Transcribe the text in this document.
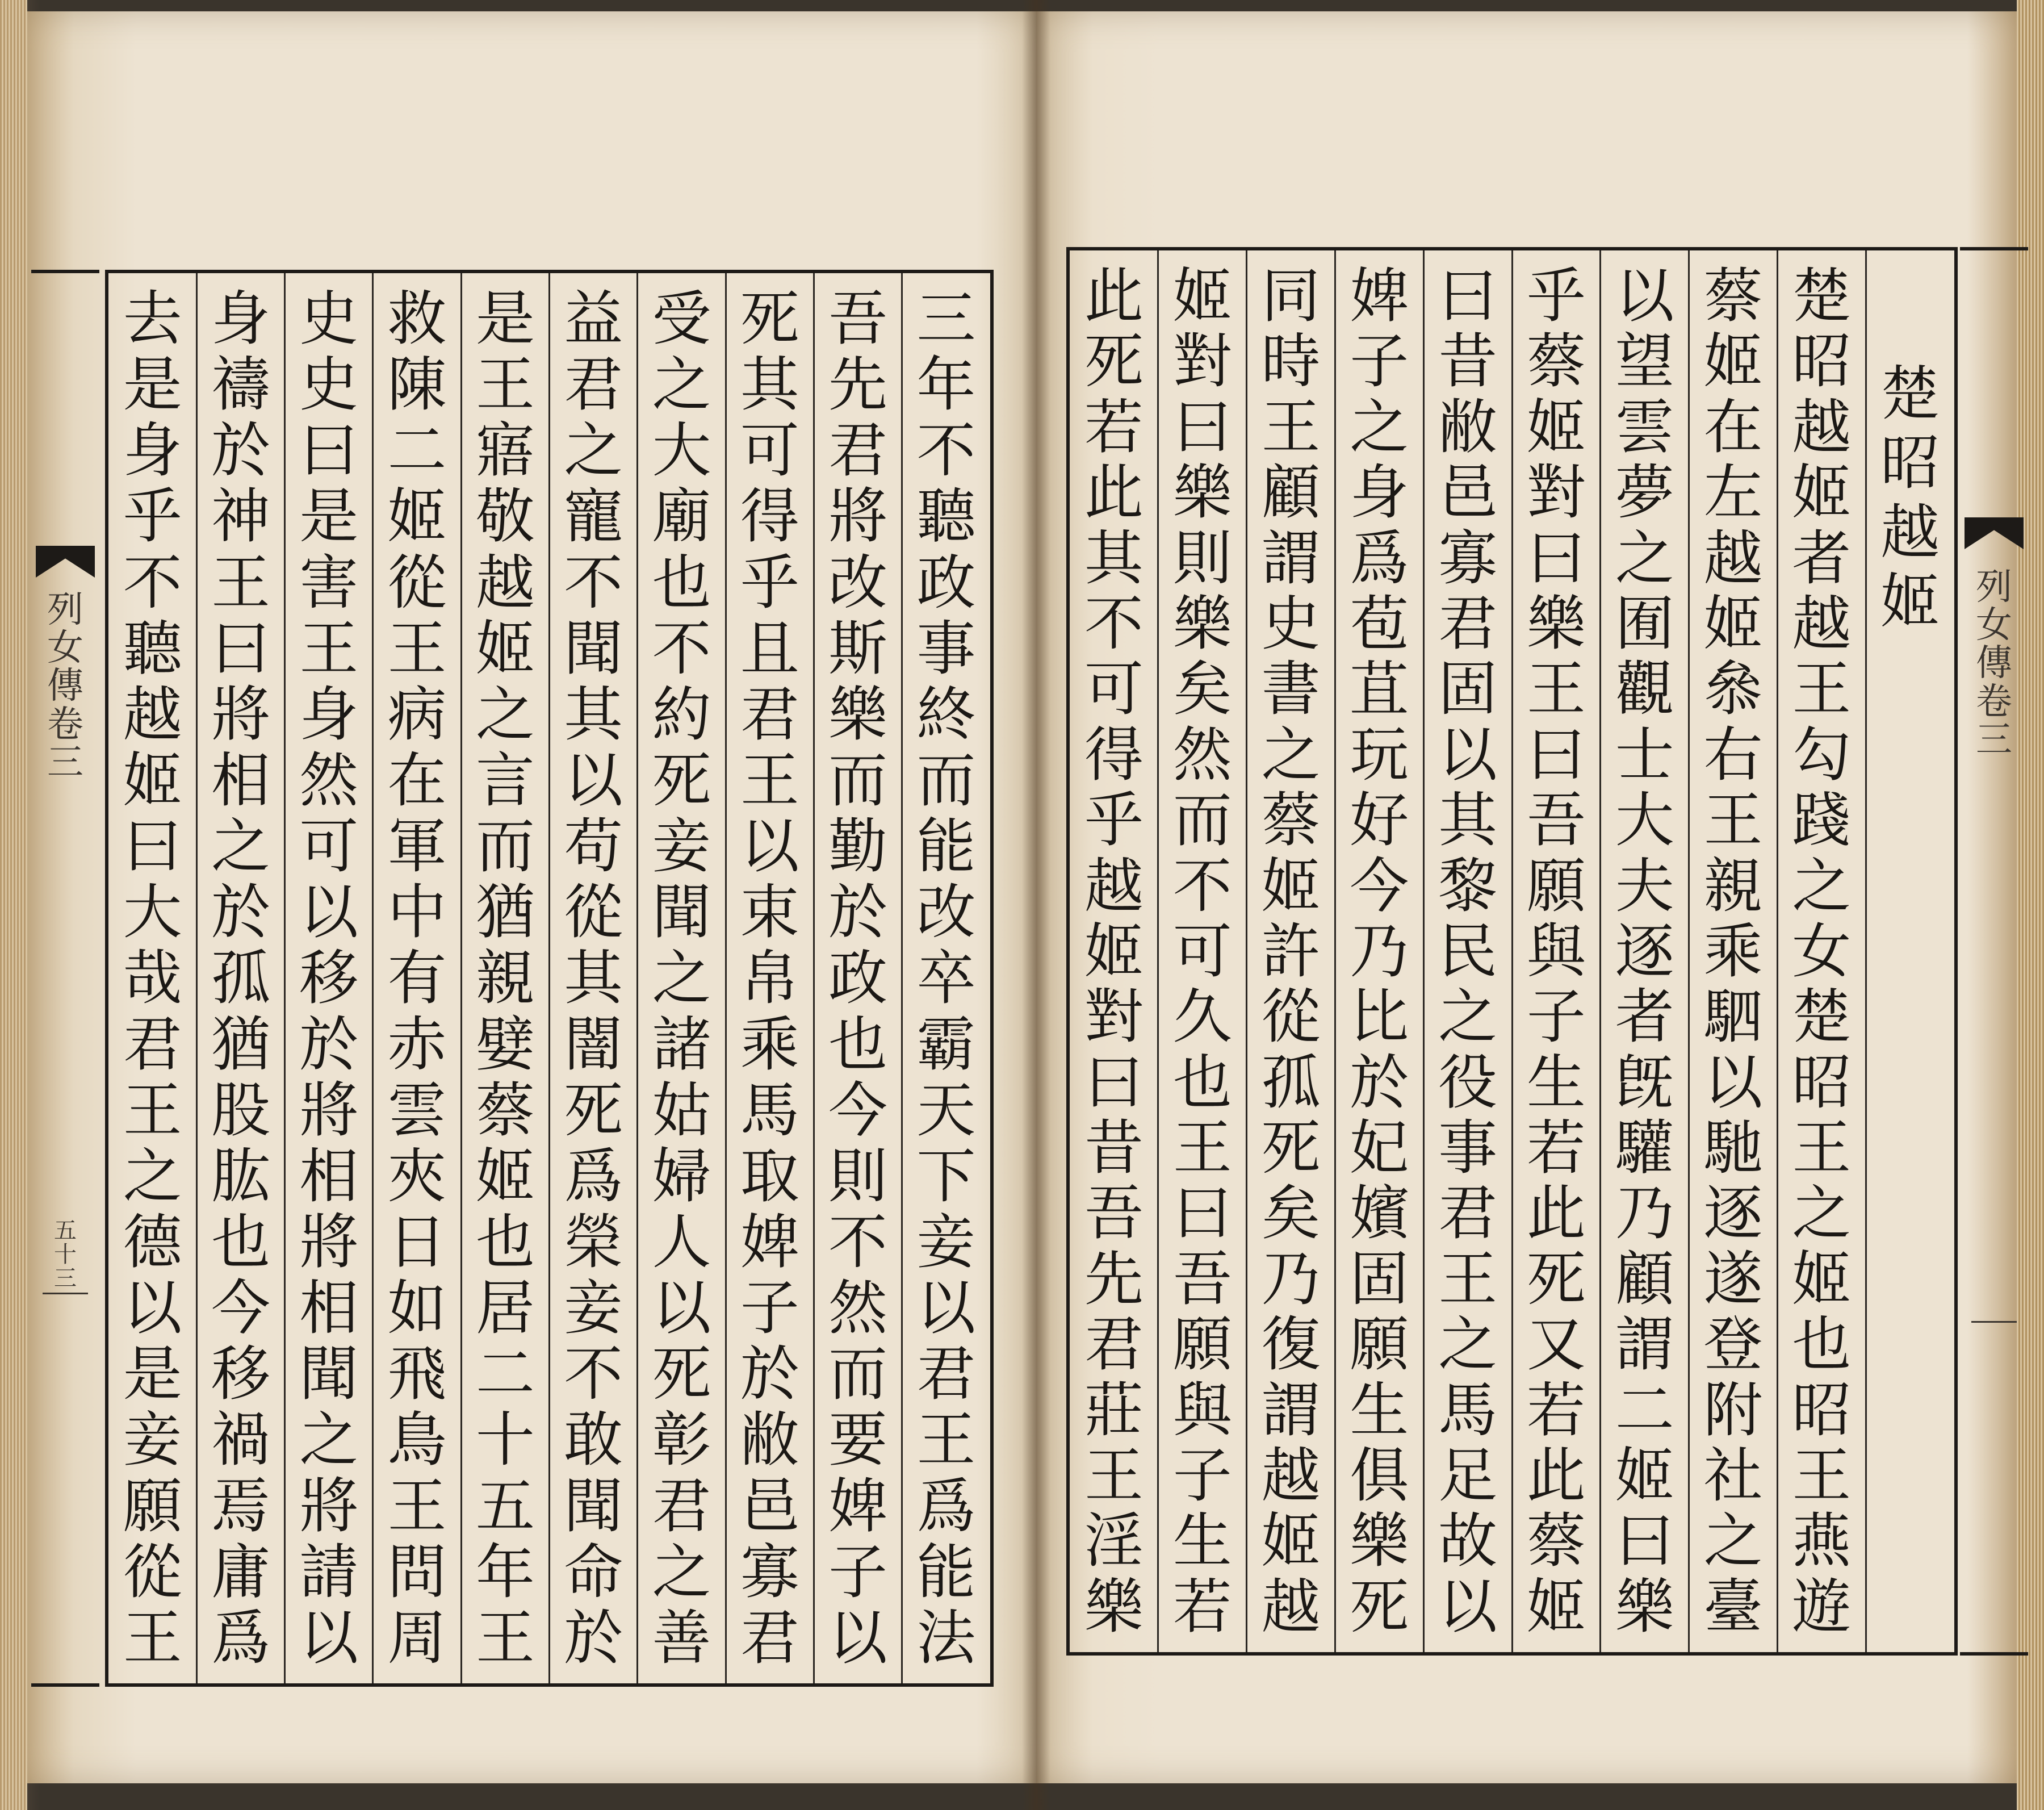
列
女
傳
卷
三
五
十
三
列
女
傳
卷
三
三
年
不
聽
政
事
終
而
能
改
卒
霸
天
下
妾
以
君
王
爲
能
法
吾
先
君
將
改
斯
樂
而
勤
於
政
也
今
則
不
然
而
要
婢
子
以
死
其
可
得
乎
且
君
王
以
束
帛
乘
馬
取
婢
子
於
敝
邑
寡
君
受
之
大
廟
也
不
約
死
妾
聞
之
諸
姑
婦
人
以
死
彰
君
之
善
益
君
之
寵
不
聞
其
以
苟
從
其
闇
死
爲
榮
妾
不
敢
聞
命
於
是
王
寤
敬
越
姬
之
言
而
猶
親
嬖
蔡
姬
也
居
二
十
五
年
王
救
陳
二
姬
從
王
病
在
軍
中
有
赤
雲
夾
日
如
飛
鳥
王
問
周
史
史
曰
是
害
王
身
然
可
以
移
於
將
相
將
相
聞
之
將
請
以
身
禱
於
神
王
曰
將
相
之
於
孤
猶
股
肱
也
今
移
禍
焉
庸
爲
去
是
身
乎
不
聽
越
姬
曰
大
哉
君
王
之
德
以
是
妾
願
從
王
楚
昭
越
姬
楚
昭
越
姬
者
越
王
勾
踐
之
女
楚
昭
王
之
姬
也
昭
王
燕
遊
蔡
姬
在
左
越
姬
叅
右
王
親
乘
駟
以
馳
逐
遂
登
附
社
之
臺
以
望
雲
夢
之
囿
觀
士
大
夫
逐
者
旣
驩
乃
顧
謂
二
姬
曰
樂
乎
蔡
姬
對
曰
樂
王
曰
吾
願
與
子
生
若
此
死
又
若
此
蔡
姬
曰
昔
敝
邑
寡
君
固
以
其
黎
民
之
役
事
君
王
之
馬
足
故
以
婢
子
之
身
爲
苞
苴
玩
好
今
乃
比
於
妃
嬪
固
願
生
俱
樂
死
同
時
王
顧
謂
史
書
之
蔡
姬
許
從
孤
死
矣
乃
復
謂
越
姬
越
姬
對
曰
樂
則
樂
矣
然
而
不
可
久
也
王
曰
吾
願
與
子
生
若
此
死
若
此
其
不
可
得
乎
越
姬
對
曰
昔
吾
先
君
莊
王
淫
樂
